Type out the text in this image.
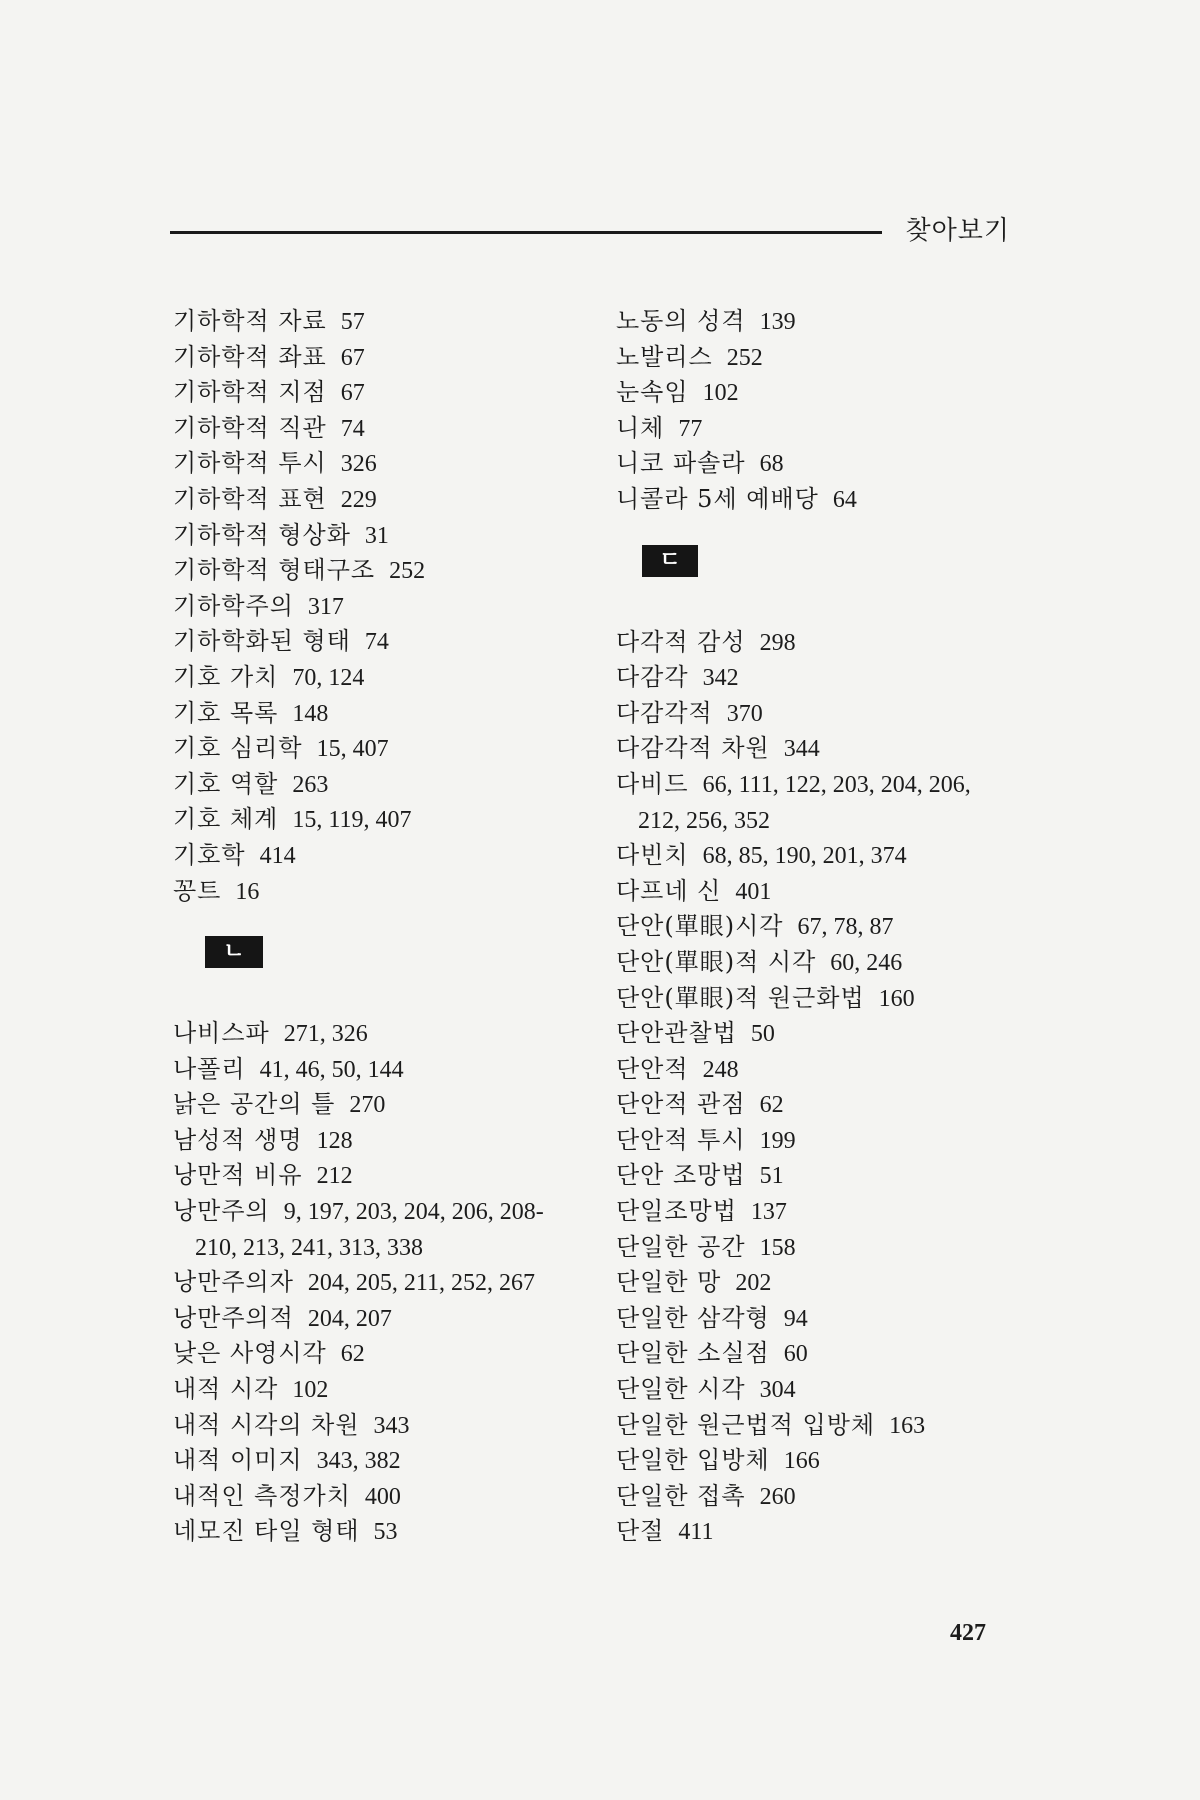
찾아보기
기하학적 자료 57
기하학적 좌표 67
기하학적 지점 67
기하학적 직관 74
기하학적 투시 326
기하학적 표현 229
기하학적 형상화 31
기하학적 형태구조 252
기하학주의 317
기하학화된 형태 74
기호 가치 70, 124
기호 목록 148
기호 심리학 15, 407
기호 역할 263
기호 체계 15, 119, 407
기호학 414
꽁트 16
ㄴ
나비스파 271, 326
나폴리 41, 46, 50, 144
낡은 공간의 틀 270
남성적 생명 128
낭만적 비유 212
낭만주의 9, 197, 203, 204, 206, 208-
210, 213, 241, 313, 338
낭만주의자 204, 205, 211, 252, 267
낭만주의적 204, 207
낮은 사영시각 62
내적 시각 102
내적 시각의 차원 343
내적 이미지 343, 382
내적인 측정가치 400
네모진 타일 형태 53
노동의 성격 139
노발리스 252
눈속임 102
니체 77
니코 파솔라 68
니콜라 5세 예배당 64
ㄷ
다각적 감성 298
다감각 342
다감각적 370
다감각적 차원 344
다비드 66, 111, 122, 203, 204, 206,
212, 256, 352
다빈치 68, 85, 190, 201, 374
다프네 신 401
단안(單眼)시각 67, 78, 87
단안(單眼)적 시각 60, 246
단안(單眼)적 원근화법 160
단안관찰법 50
단안적 248
단안적 관점 62
단안적 투시 199
단안 조망법 51
단일조망법 137
단일한 공간 158
단일한 망 202
단일한 삼각형 94
단일한 소실점 60
단일한 시각 304
단일한 원근법적 입방체 163
단일한 입방체 166
단일한 접촉 260
단절 411
427
